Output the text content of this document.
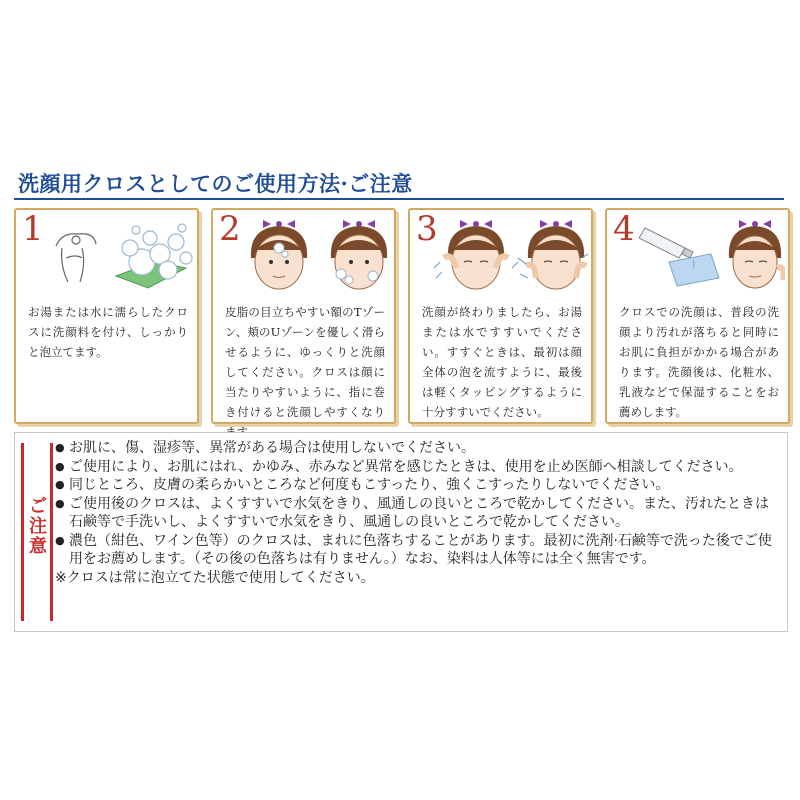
洗顔用クロスとしてのご使用方法·ご注意
1
お湯または水に濡らしたクロスに洗顔料を付け、しっかりと泡立てます。
2
皮脂の目立ちやすい額のTゾーン、頬のUゾーンを優しく滑らせるように、ゆっくりと洗顔してください。クロスは顔に当たりやすいように、指に巻き付けると洗顔しやすくなり
3
洗顔が終わりましたら、お湯または水ですすいでください。すすぐときは、最初は顔全体の泡を流すように、最後は軽くタッピングするように十分すすいでください。
4
クロスでの洗顔は、普段の洗顔より汚れが落ちると同時にお肌に負担がかかる場合があります。洗顔後は、化粧水、乳液などで保湿することをお薦めします。
ご注意
● お肌に、傷、湿疹等、異常がある場合は使用しないでください。
● ご使用により、お肌にはれ、かゆみ、赤みなど異常を感じたときは、使用を止め医師へ相談してください。
● 同じところ、皮膚の柔らかいところなど何度もこすったり、強くこすったりしないでください。
● ご使用後のクロスは、よくすすいで水気をきり、風通しの良いところで乾かしてください。また、汚れたときは石鹸等で手洗いし、よくすすいで水気をきり、風通しの良いところで乾かしてください。
● 濃色（紺色、ワイン色等）のクロスは、まれに色落ちすることがあります。最初に洗剤·石鹸等で洗った後でご使用をお薦めします。（その後の色落ちは有りません。）なお、染料は人体等には全く無害です。
※クロスは常に泡立てた状態で使用してください。
